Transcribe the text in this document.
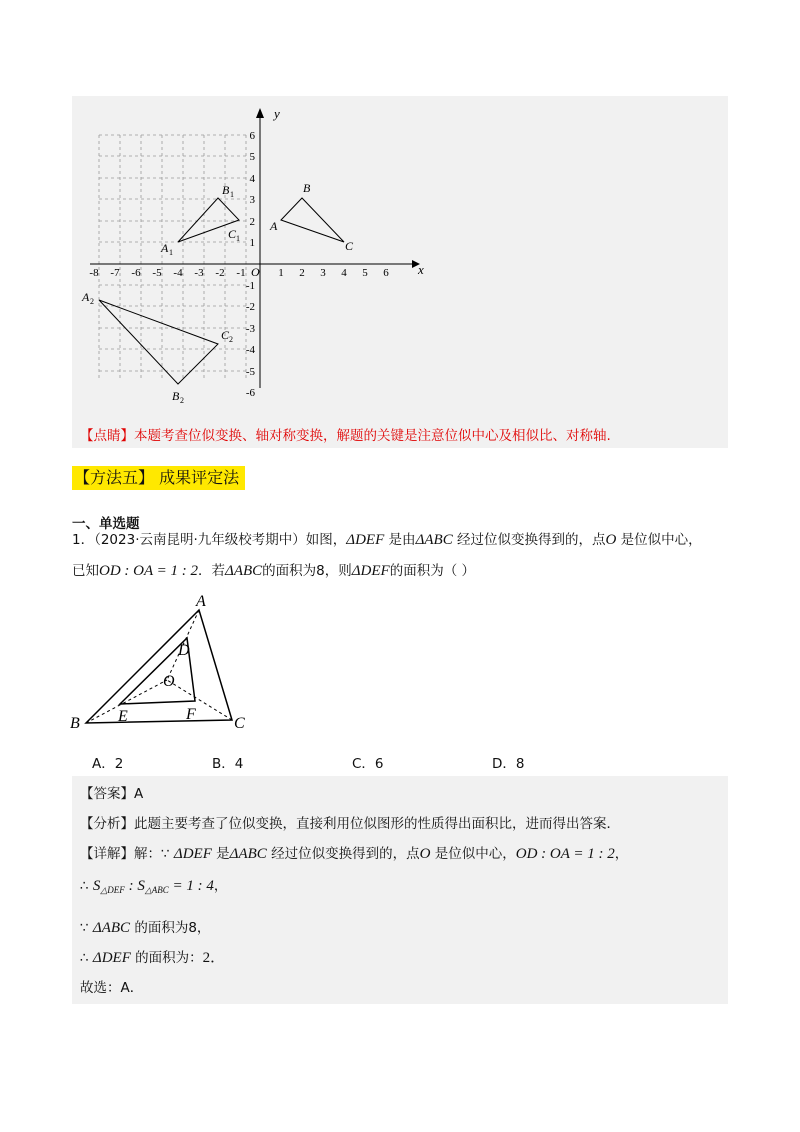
x
y
O
-8 -7 -6 -5 -4 -3 -2 -1	1 2 3 4 5 6
6
5
4
3
2
1
-1
-2
-3
-4
-5
-6
A
B
C
A 1
B 1
C 1
A 2
B 2
C 2
【点睛】本题考查位似变换、轴对称变换，解题的关键是注意位似中心及相似比、对称轴.
【方法五】 成果评定法
一、单选题
1．（2023·云南昆明·九年级校考期中）如图，ΔDEF 是由ΔABC 经过位似变换得到的，点O 是位似中心，
已知OD : OA = 1 : 2．若ΔABC的面积为8，则ΔDEF的面积为（ ）
A
B	C
D
E	F
O
A．2	B．4	C．6	D．8
【答案】A
【分析】此题主要考查了位似变换，直接利用位似图形的性质得出面积比，进而得出答案．
【详解】解：∵ ΔDEF 是ΔABC 经过位似变换得到的，点O 是位似中心，OD : OA = 1 : 2，
∴ $S_{\triangle DEF}$ : $S_{\triangle ABC} = 1$ : 4，
∵ ΔABC 的面积为8，
∴ ΔDEF 的面积为：2．
故选：A．
